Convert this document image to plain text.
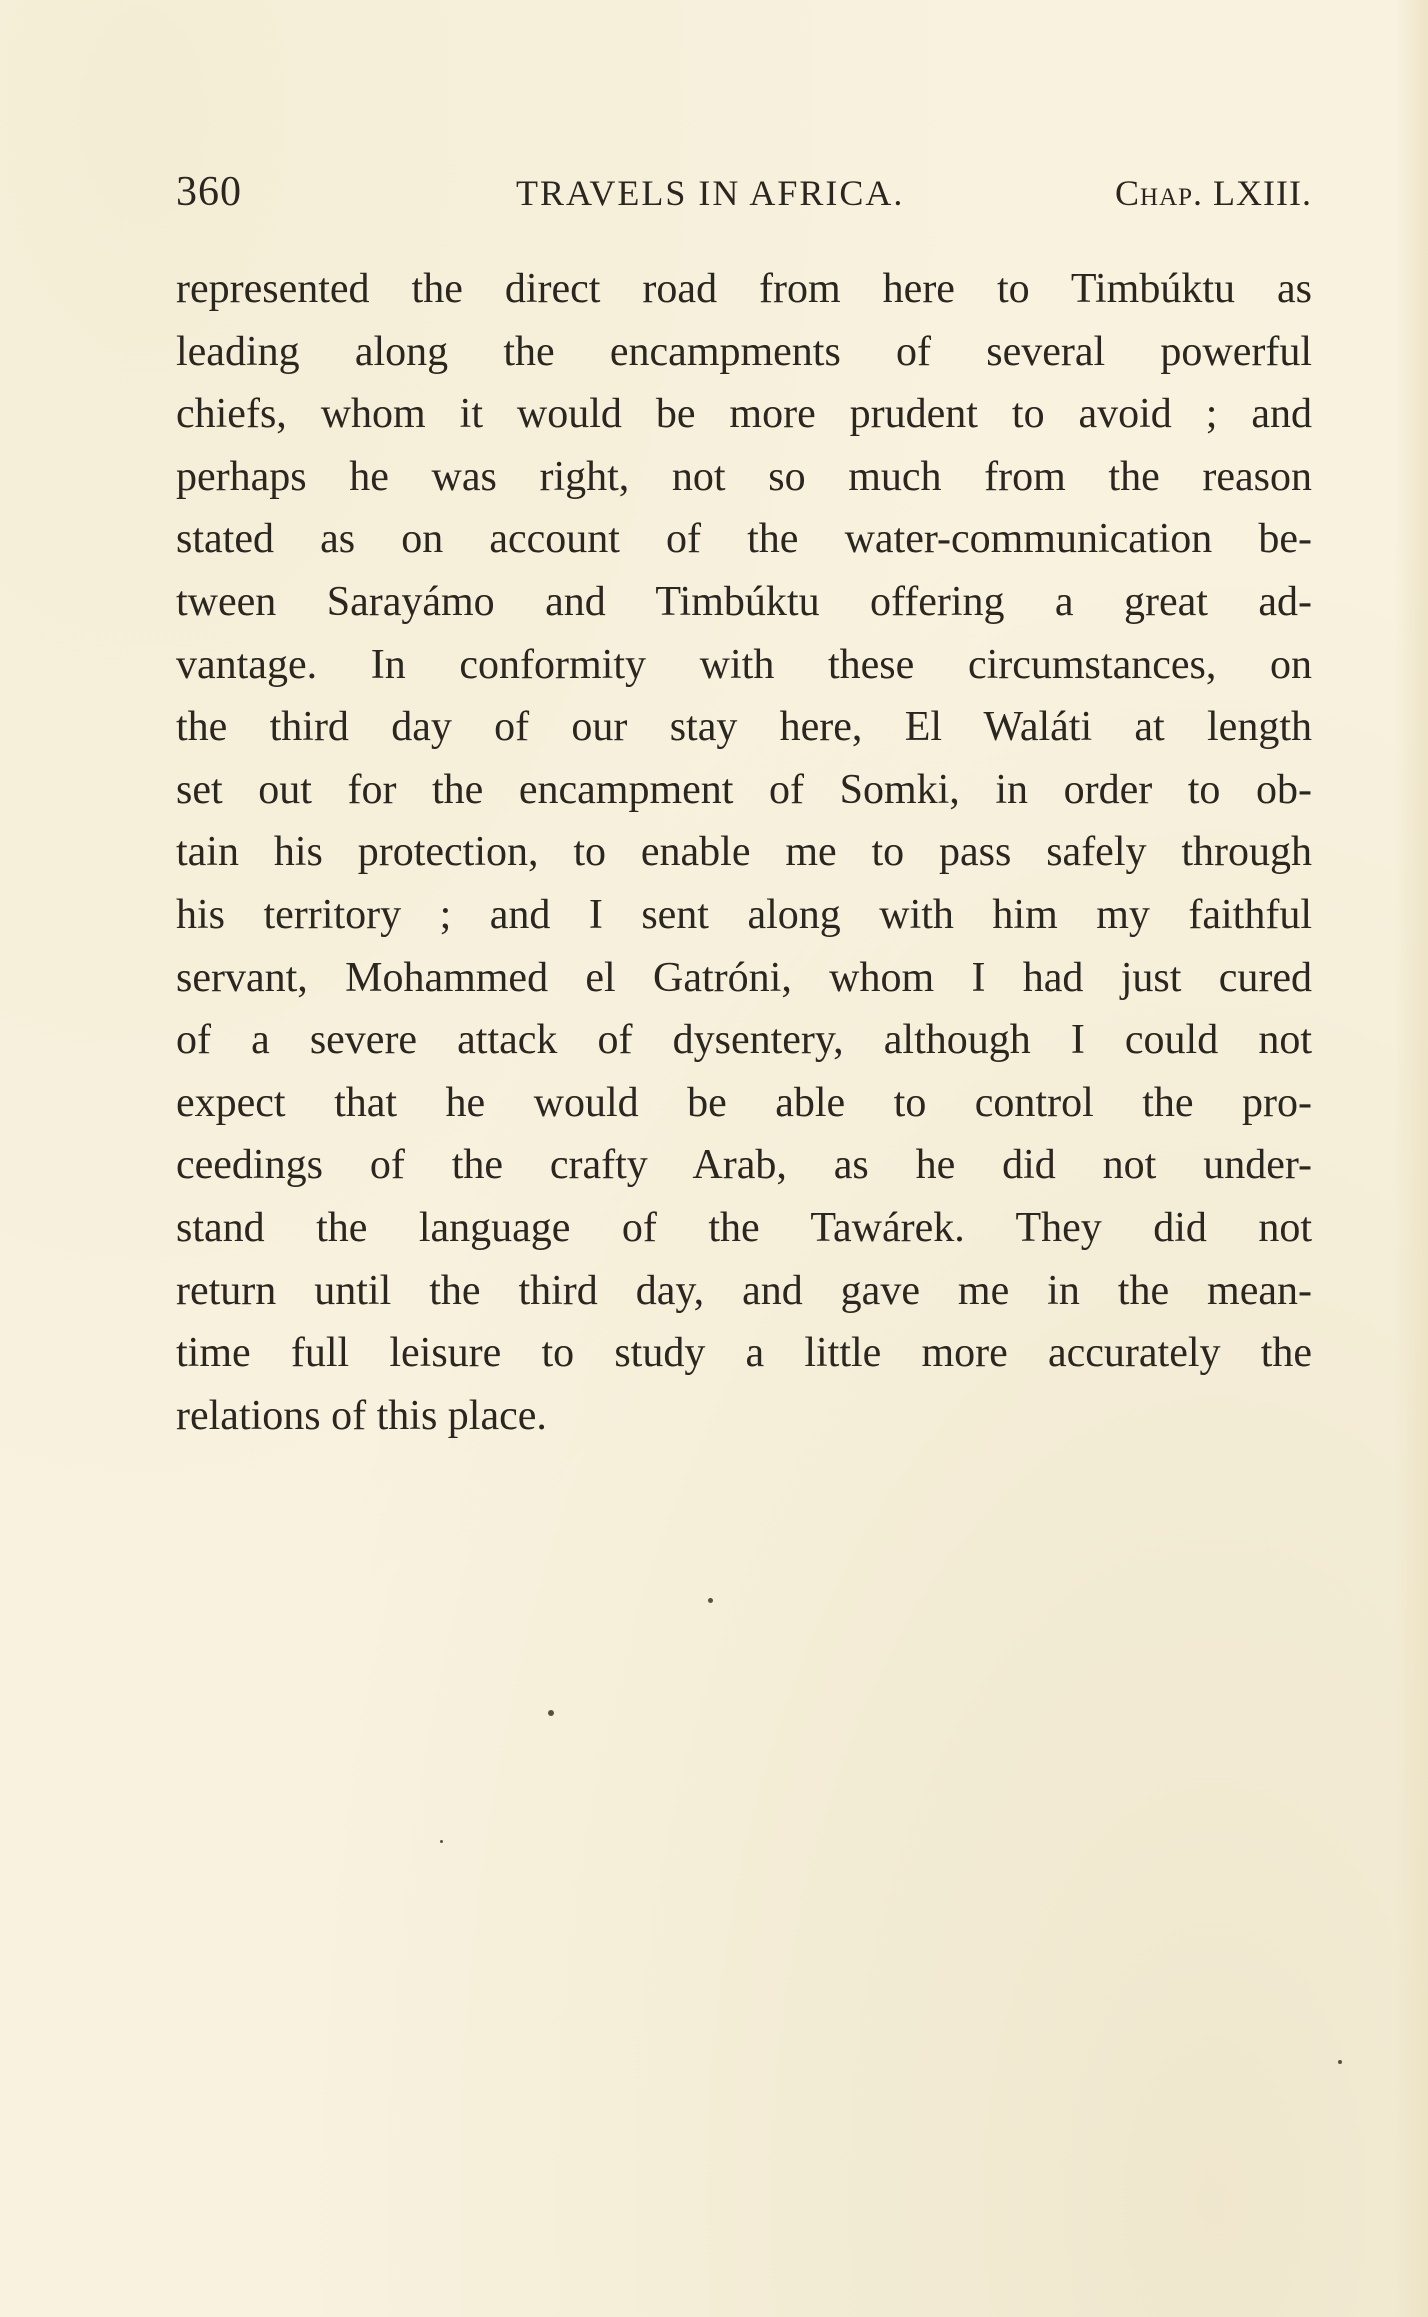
360	TRAVELS IN AFRICA.	Chap. LXIII.
represented the direct road from here to Timbúktu as
leading along the encampments of several powerful
chiefs, whom it would be more prudent to avoid ; and
perhaps he was right, not so much from the reason
stated as on account of the water-communication be-
tween Sarayámo and Timbúktu offering a great ad-
vantage. In conformity with these circumstances, on
the third day of our stay here, El Waláti at length
set out for the encampment of Somki, in order to ob-
tain his protection, to enable me to pass safely through
his territory ; and I sent along with him my faithful
servant, Mohammed el Gatróni, whom I had just cured
of a severe attack of dysentery, although I could not
expect that he would be able to control the pro-
ceedings of the crafty Arab, as he did not under-
stand the language of the Tawárek. They did not
return until the third day, and gave me in the mean-
time full leisure to study a little more accurately the
relations of this place.
